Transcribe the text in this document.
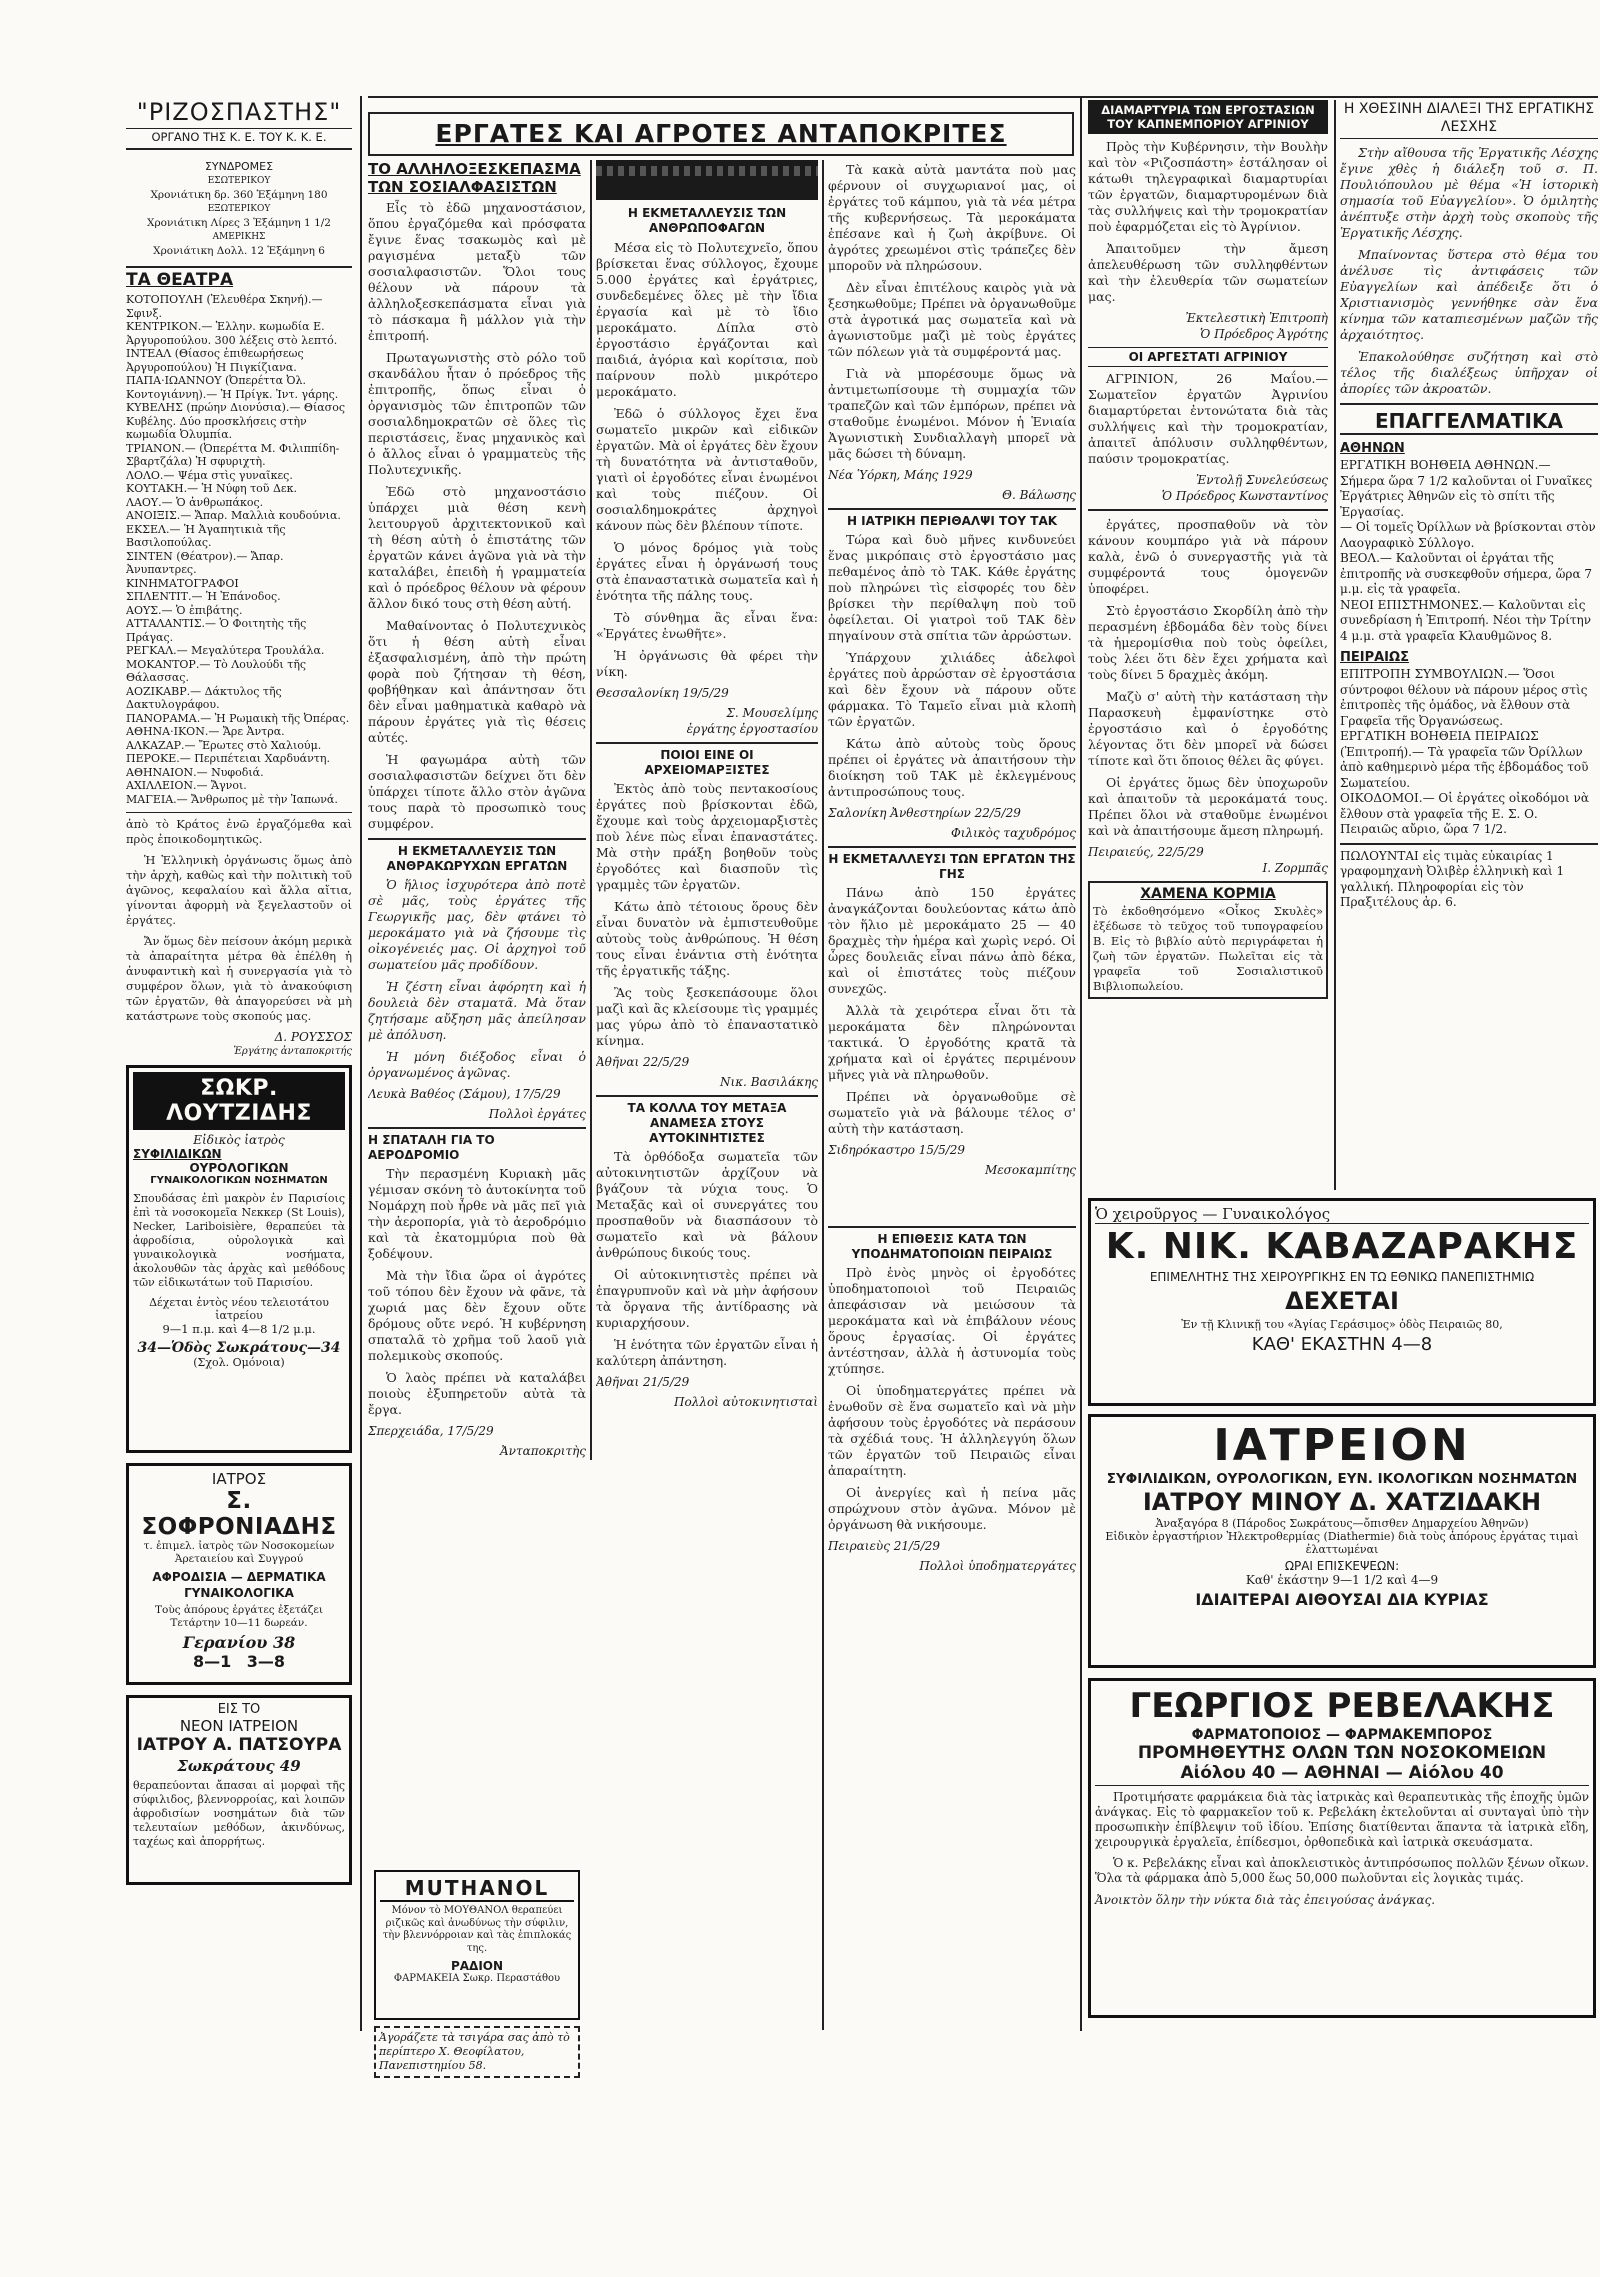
"ΡΙΖΟΣΠΑΣΤΗΣ"
ΟΡΓΑΝΟ ΤΗΣ Κ. Ε. ΤΟΥ Κ. Κ. Ε.
ΣΥΝΔΡΟΜΕΣ
ΕΣΩΤΕΡΙΚΟΥ
Χρονιάτικη δρ. 360 Ἑξάμηνη 180
ΕΞΩΤΕΡΙΚΟΥ
Χρονιάτικη Λίρες 3 Ἑξάμηνη 1 1/2
ΑΜΕΡΙΚΗΣ
Χρονιάτικη Δολλ. 12 Ἑξάμηνη 6
ΤΑ ΘΕΑΤΡΑ

ΚΟΤΟΠΟΥΛΗ (Ἐλευθέρα Σκηνή).— Σφινξ.

ΚΕΝΤΡΙΚΟΝ.— Ἑλλην. κωμωδία Ε. Ἀργυροπούλου. 300 λέξεις στὸ λεπτό.

ΙΝΤΕΑΛ (Θίασος ἐπιθεωρήσεως Ἀργυροπούλου) Ἡ Πιγκίζιανα.

ΠΑΠΑ·ΙΩΑΝΝΟΥ (Ὀπερέττα Ὀλ. Κοντογιάννη).— Ἡ Πρίγκ. Ἰντ. γάρης.

ΚΥΒΕΛΗΣ (πρώην Διονύσια).— Θίασος Κυβέλης. Δύο προσκλήσεις στὴν κωμωδία Ὀλυμπία.

ΤΡΙΑΝΟΝ.— (Ὀπερέττα Μ. Φιλιππίδη-Σβαρτζάλα) Ἡ σφυριχτὴ.

ΛΟΛΟ.— Ψέμα στὶς γυναῖκες.

ΚΟΥΤΑΚΗ.— Ἡ Νύφη τοῦ Δεκ.

ΛΑΟΥ.— Ὁ ἀνθρωπάκος.

ΑΝΟΙΞΙΣ.— Ἄπαρ. Μαλλιὰ κουδούνια.

ΕΚΣΕΛ.— Ἡ Ἀγαπητικιὰ τῆς Βασιλοπούλας.

ΣΙΝΤΕΝ (Θέατρον).— Ἄπαρ. Ἀνυπαντρες.

ΚΙΝΗΜΑΤΟΓΡΑΦΟΙ

ΣΠΛΕΝΤΙΤ.— Ἡ Ἐπάνοδος.

ΑΟΥΣ.— Ὁ ἐπιβάτης.

ΑΤΤΑΛΑΝΤΙΣ.— Ὁ Φοιτητὴς τῆς Πράγας.

ΡΕΓΚΑΛ.— Μεγαλύτερα Τρουλάλα.

ΜΟΚΑΝΤΟΡ.— Τὸ Λουλούδι τῆς Θάλασσας.

ΑΟΖΙΚΑΒΡ.— Δάκτυλος τῆς Δακτυλογράφου.

ΠΑΝΟΡΑΜΑ.— Ἡ Ρωμαικὴ τῆς Ὀπέρας.

ΑΘΗΝΑ·ΙΚΟΝ.— Ἄρε Ἀντρα.

ΑΛΚΑΖΑΡ.— Ἔρωτες στὸ Χαλιούμ.

ΠΕΡΟΚΕ.— Περιπέτειαι Χαρδυάντη.

ΑΘΗΝΑΙΟΝ.— Νυφοδιά.

ΑΧΙΛΛΕΙΟΝ.— Ἄγνοι.

ΜΑΓΕΙΑ.— Ἄνθρωπος μὲ τὴν Ἰαπωνά.

ἀπὸ τὸ Κράτος ἐνῶ ἐργαζόμεθα καὶ πρὸς ἐποικοδομητικῶς.

Ἡ Ἑλληνικὴ ὀργάνωσις ὅμως ἀπὸ τὴν ἀρχὴ, καθὼς καὶ τὴν πολιτικὴ τοῦ ἀγῶνος, κεφαλαίου καὶ ἄλλα αἴτια, γίνονται ἀφορμὴ νὰ ξεγελαστοῦν οἱ ἐργάτες.

Ἄν ὅμως δὲν πείσουν ἀκόμη μερικὰ τὰ ἀπαραίτητα μέτρα θὰ ἐπέλθη ἡ ἀνυφαντικὴ καὶ ἡ συνεργασία γιὰ τὸ συμφέρον ὅλων, γιὰ τὸ ἀνακούφιση τῶν ἐργατῶν, θὰ ἀπαγορεύσει νὰ μὴ κατάστρωνε τοὺς σκοπούς μας.

Δ. ΡΟΥΣΣΟΣ
Ἐργάτης ἀνταποκριτής
ΣΩΚΡ. ΛΟΥΤΖΙΔΗΣ
Εἰδικὸς ἰατρὸς
ΣΥΦΙΛΙΔΙΚΩΝ
ΟΥΡΟΛΟΓΙΚΩΝ
ΓΥΝΑΙΚΟΛΟΓΙΚΩΝ ΝΟΣΗΜΑΤΩΝ

Σπουδάσας ἐπὶ μακρὸν ἐν Παρισίοις ἐπὶ τὰ νοσοκομεῖα Νεκκερ (St Louis), Necker, Lariboisière, θεραπεύει τὰ ἀφροδίσια, οὐρολογικὰ καὶ γυναικολογικὰ νοσήματα, ἀκολουθῶν τὰς ἀρχὰς καὶ μεθόδους τῶν εἰδικωτάτων τοῦ Παρισίου.

Δέχεται ἐντὸς νέου τελειοτάτου ἰατρείου
9—1 π.μ. καὶ 4—8 1/2 μ.μ.
34—Ὁδὸς Σωκράτους—34
(Σχολ. Ομόνοια)
ΙΑΤΡΟΣ
Σ. ΣΟΦΡΟΝΙΑΔΗΣ
τ. ἐπιμελ. ἰατρὸς τῶν Νοσοκομείων Ἀρεταιείου καὶ Συγγρού
ΑΦΡΟΔΙΣΙΑ — ΔΕΡΜΑΤΙΚΑ ΓΥΝΑΙΚΟΛΟΓΙΚΑ
Τοὺς ἀπόρους ἐργάτες ἐξετάζει Τετάρτην 10—11 δωρεάν.
Γερανίου 38
8—1 3—8
ΕΙΣ ΤΟ
ΝΕΟΝ ΙΑΤΡΕΙΟΝ
ΙΑΤΡΟΥ Α. ΠΑΤΣΟΥΡΑ
Σωκράτους 49

θεραπεύονται ἄπασαι αἱ μορφαὶ τῆς σύφιλιδος, βλεννορροίας, καὶ λοιπῶν ἀφροδισίων νοσημάτων διὰ τῶν τελευταίων μεθόδων, ἀκινδύνως, ταχέως καὶ ἀπορρήτως.

ΕΡΓΑΤΕΣ ΚΑΙ ΑΓΡΟΤΕΣ ΑΝΤΑΠΟΚΡΙΤΕΣ
ΤΟ ΑΛΛΗΛΟΞΕΣΚΕΠΑΣΜΑ ΤΩΝ ΣΟΣΙΑΛΦΑΣΙΣΤΩΝ

Εἶς τὸ ἐδῶ μηχανοστάσιον, ὅπου ἐργαζόμεθα καὶ πρόσφατα ἔγινε ἕνας τσακωμὸς καὶ μὲ ραγισμένα μεταξὺ τῶν σοσιαλφασιστῶν. Ὅλοι τους θέλουν νὰ πάρουν τὰ ἀλληλοξεσκεπάσματα εἶναι γιὰ τὸ πάσκαμα ἢ μάλλον γιὰ τὴν ἐπιτροπή.

Πρωταγωνιστὴς στὸ ρόλο τοῦ σκανδάλου ἦταν ὁ πρόεδρος τῆς ἐπιτροπῆς, ὅπως εἶναι ὁ ὀργανισμὸς τῶν ἐπιτροπῶν τῶν σοσιαλδημοκρατῶν σὲ ὅλες τὶς περιστάσεις, ἕνας μηχανικὸς καὶ ὁ ἄλλος εἶναι ὁ γραμματεὺς τῆς Πολυτεχνικῆς.

Ἐδῶ στὸ μηχανοστάσιο ὑπάρχει μιὰ θέση κενὴ λειτουργοῦ ἀρχιτεκτονικοῦ καὶ τὴ θέση αὐτὴ ὁ ἐπιστάτης τῶν ἐργατῶν κάνει ἀγῶνα γιὰ νὰ τὴν καταλάβει, ἐπειδὴ ἡ γραμματεία καὶ ὁ πρόεδρος θέλουν νὰ φέρουν ἄλλον δικό τους στὴ θέση αὐτή.

Μαθαίνοντας ὁ Πολυτεχνικὸς ὅτι ἡ θέση αὐτὴ εἶναι ἐξασφαλισμένη, ἀπὸ τὴν πρώτη φορὰ ποὺ ζήτησαν τὴ θέση, φοβήθηκαν καὶ ἀπάντησαν ὅτι δὲν εἶναι μαθηματικὰ καθαρὸ νὰ πάρουν ἐργάτες γιὰ τὶς θέσεις αὐτές.

Ἡ φαγωμάρα αὐτὴ τῶν σοσιαλφασιστῶν δείχνει ὅτι δὲν ὑπάρχει τίποτε ἄλλο στὸν ἀγῶνα τους παρὰ τὸ προσωπικὸ τους συμφέρον.

Η ΕΚΜΕΤΑΛΛΕΥΣΙΣ ΤΩΝ ΑΝΘΡΑΚΩΡΥΧΩΝ ΕΡΓΑΤΩΝ

Ὁ ἥλιος ἰσχυρότερα ἀπὸ ποτὲ σὲ μᾶς, τοὺς ἐργάτες τῆς Γεωργικῆς μας, δὲν φτάνει τὸ μεροκάματο γιὰ νὰ ζήσουμε τὶς οἰκογένειές μας. Οἱ ἀρχηγοὶ τοῦ σωματείου μᾶς προδίδουν.

Ἡ ζέστη εἶναι ἀφόρητη καὶ ἡ δουλειὰ δὲν σταματᾶ. Μὰ ὅταν ζητήσαμε αὔξηση μᾶς ἀπείλησαν μὲ ἀπόλυση.

Ἡ μόνη διέξοδος εἶναι ὁ ὀργανωμένος ἀγῶνας.

Λευκὰ Βαθέος (Σάμου), 17/5/29
Πολλοὶ ἐργάτες
Η ΣΠΑΤΑΛΗ ΓΙΑ ΤΟ ΑΕΡΟΔΡΟΜΙΟ

Τὴν περασμένη Κυριακὴ μᾶς γέμισαν σκόνη τὸ ἀυτοκίνητα τοῦ Νομάρχη ποὺ ἦρθε νὰ μᾶς πεῖ γιὰ τὴν ἀεροπορία, γιὰ τὸ ἀεροδρόμιο καὶ τὰ ἐκατομμύρια ποὺ θὰ ξοδέψουν.

Μὰ τὴν ἴδια ὥρα οἱ ἀγρότες τοῦ τόπου δὲν ἔχουν νὰ φᾶνε, τὰ χωριά μας δὲν ἔχουν οὔτε δρόμους οὔτε νερό. Ἡ κυβέρνηση σπαταλᾶ τὸ χρῆμα τοῦ λαοῦ γιὰ πολεμικοὺς σκοπούς.

Ὁ λαὸς πρέπει νὰ καταλάβει ποιοὺς ἐξυπηρετοῦν αὐτὰ τὰ ἔργα.

Σπερχειάδα, 17/5/29
Ἀνταποκριτὴς
Η ΕΚΜΕΤΑΛΛΕΥΣΙΣ ΤΩΝ ΑΝΘΡΩΠΟΦΑΓΩΝ

Μέσα εἰς τὸ Πολυτεχνεῖο, ὅπου βρίσκεται ἕνας σύλλογος, ἔχουμε 5.000 ἐργάτες καὶ ἐργάτριες, συνδεδεμένες ὅλες μὲ τὴν ἴδια ἐργασία καὶ μὲ τὸ ἴδιο μεροκάματο. Δίπλα στὸ ἐργοστάσιο ἐργάζονται καὶ παιδιά, ἀγόρια καὶ κορίτσια, ποὺ παίρνουν πολὺ μικρότερο μεροκάματο.

Ἐδῶ ὁ σύλλογος ἔχει ἕνα σωματεῖο μικρῶν καὶ εἰδικῶν ἐργατῶν. Μὰ οἱ ἐργάτες δὲν ἔχουν τὴ δυνατότητα νὰ ἀντισταθοῦν, γιατὶ οἱ ἐργοδότες εἶναι ἑνωμένοι καὶ τοὺς πιέζουν. Οἱ σοσιαλδημοκράτες ἀρχηγοὶ κάνουν πὼς δὲν βλέπουν τίποτε.

Ὁ μόνος δρόμος γιὰ τοὺς ἐργάτες εἶναι ἡ ὀργάνωσή τους στὰ ἐπαναστατικὰ σωματεῖα καὶ ἡ ἑνότητα τῆς πάλης τους.

Τὸ σύνθημα ἂς εἶναι ἕνα: «Ἐργάτες ἑνωθῆτε».

Ἡ ὀργάνωσις θὰ φέρει τὴν νίκη.

Θεσσαλονίκη 19/5/29
Σ. Μουσελίμης
ἐργάτης ἐργοστασίου
ΠΟΙΟΙ ΕΙΝΕ ΟΙ ΑΡΧΕΙΟΜΑΡΞΙΣΤΕΣ

Ἐκτὸς ἀπὸ τοὺς πεντακοσίους ἐργάτες ποὺ βρίσκονται ἐδῶ, ἔχουμε καὶ τοὺς ἀρχειομαρξιστὲς ποὺ λένε πὼς εἶναι ἐπαναστάτες. Μὰ στὴν πράξη βοηθοῦν τοὺς ἐργοδότες καὶ διασποῦν τὶς γραμμὲς τῶν ἐργατῶν.

Κάτω ἀπὸ τέτοιους ὅρους δὲν εἶναι δυνατὸν νὰ ἐμπιστευθοῦμε αὐτοὺς τοὺς ἀνθρώπους. Ἡ θέση τους εἶναι ἐνάντια στὴ ἑνότητα τῆς ἐργατικῆς τάξης.

Ἂς τοὺς ξεσκεπάσουμε ὅλοι μαζὶ καὶ ἂς κλείσουμε τὶς γραμμές μας γύρω ἀπὸ τὸ ἐπαναστατικὸ κίνημα.

Ἀθῆναι 22/5/29
Νικ. Βασιλάκης
ΤΑ ΚΟΛΛΑ ΤΟΥ ΜΕΤΑΞΑ ΑΝΑΜΕΣΑ ΣΤΟΥΣ ΑΥΤΟΚΙΝΗΤΙΣΤΕΣ

Τὰ ὀρθόδοξα σωματεῖα τῶν αὐτοκινητιστῶν ἀρχίζουν νὰ βγάζουν τὰ νύχια τους. Ὁ Μεταξᾶς καὶ οἱ συνεργάτες του προσπαθοῦν νὰ διασπάσουν τὸ σωματεῖο καὶ νὰ βάλουν ἀνθρώπους δικούς τους.

Οἱ αὐτοκινητιστὲς πρέπει νὰ ἐπαγρυπνοῦν καὶ νὰ μὴν ἀφήσουν τὰ ὄργανα τῆς ἀντίδρασης νὰ κυριαρχήσουν.

Ἡ ἑνότητα τῶν ἐργατῶν εἶναι ἡ καλύτερη ἀπάντηση.

Ἀθῆναι 21/5/29
Πολλοὶ αὐτοκινητισταὶ
MUTHANOL
Μόνον τὸ ΜΟΥΘΑΝΟΛ θεραπεύει ριζικῶς καὶ ἀνωδύνως τὴν σύφιλιν, τὴν βλεννόρροιαν καὶ τὰς ἐπιπλοκάς της.
ΡΑΔΙΟΝ
ΦΑΡΜΑΚΕΙΑ Σωκρ. Περαστάθου
Ἀγοράζετε τὰ τσιγάρα σας ἀπὸ τὸ περίπτερο Χ. Θεοφίλατου, Πανεπιστημίου 58.

Τὰ κακὰ αὐτὰ μαντάτα ποὺ μας φέρνουν οἱ συγχωριανοί μας, οἱ ἐργάτες τοῦ κάμπου, γιὰ τὰ νέα μέτρα τῆς κυβερνήσεως. Τὰ μεροκάματα ἐπέσανε καὶ ἡ ζωὴ ἀκρίβυνε. Οἱ ἀγρότες χρεωμένοι στὶς τράπεζες δὲν μποροῦν νὰ πληρώσουν.

Δὲν εἶναι ἐπιτέλους καιρὸς γιὰ νὰ ξεσηκωθοῦμε; Πρέπει νὰ ὀργανωθοῦμε στὰ ἀγροτικά μας σωματεῖα καὶ νὰ ἀγωνιστοῦμε μαζὶ μὲ τοὺς ἐργάτες τῶν πόλεων γιὰ τὰ συμφέροντά μας.

Γιὰ νὰ μπορέσουμε ὅμως νὰ ἀντιμετωπίσουμε τὴ συμμαχία τῶν τραπεζῶν καὶ τῶν ἐμπόρων, πρέπει νὰ σταθοῦμε ἑνωμένοι. Μόνον ἡ Ἑνιαία Ἀγωνιστικὴ Συνδιαλλαγὴ μπορεῖ νὰ μᾶς δώσει τὴ δύναμη.

Νέα Ὑόρκη, Μάης 1929
Θ. Βάλωσης
Η ΙΑΤΡΙΚΗ ΠΕΡΙΘΑΛΨΙ ΤΟΥ ΤΑΚ

Τώρα καὶ δυὸ μῆνες κινδυνεύει ἕνας μικρόπαις στὸ ἐργοστάσιο μας πεθαμένος ἀπὸ τὸ ΤΑΚ. Κάθε ἐργάτης ποὺ πληρώνει τὶς εἰσφορές του δὲν βρίσκει τὴν περίθαλψη ποὺ τοῦ ὀφείλεται. Οἱ γιατροὶ τοῦ ΤΑΚ δὲν πηγαίνουν στὰ σπίτια τῶν ἀρρώστων.

Ὑπάρχουν χιλιάδες ἀδελφοὶ ἐργάτες ποὺ ἀρρώσταν σὲ ἐργοστάσια καὶ δὲν ἔχουν νὰ πάρουν οὔτε φάρμακα. Τὸ Ταμεῖο εἶναι μιὰ κλοπὴ τῶν ἐργατῶν.

Κάτω ἀπὸ αὐτοὺς τοὺς ὅρους πρέπει οἱ ἐργάτες νὰ ἀπαιτήσουν τὴν διοίκηση τοῦ ΤΑΚ μὲ ἐκλεγμένους ἀντιπροσώπους τους.

Σαλονίκη Ἀνθεστηρίων 22/5/29
Φιλικὸς ταχυδρόμος
Η ΕΚΜΕΤΑΛΛΕΥΣΙ ΤΩΝ ΕΡΓΑΤΩΝ ΤΗΣ ΓΗΣ

Πάνω ἀπὸ 150 ἐργάτες ἀναγκάζονται δουλεύοντας κάτω ἀπὸ τὸν ἥλιο μὲ μεροκάματο 25 — 40 δραχμὲς τὴν ἡμέρα καὶ χωρὶς νερό. Οἱ ὧρες δουλειᾶς εἶναι πάνω ἀπὸ δέκα, καὶ οἱ ἐπιστάτες τοὺς πιέζουν συνεχῶς.

Ἀλλὰ τὰ χειρότερα εἶναι ὅτι τὰ μεροκάματα δὲν πληρώνονται τακτικά. Ὁ ἐργοδότης κρατᾶ τὰ χρήματα καὶ οἱ ἐργάτες περιμένουν μῆνες γιὰ νὰ πληρωθοῦν.

Πρέπει νὰ ὀργανωθοῦμε σὲ σωματεῖο γιὰ νὰ βάλουμε τέλος σ' αὐτὴ τὴν κατάσταση.

Σιδηρόκαστρο 15/5/29
Μεσοκαμπίτης
Η ΕΠΙΘΕΣΙΣ ΚΑΤΑ ΤΩΝ ΥΠΟΔΗΜΑΤΟΠΟΙΩΝ ΠΕΙΡΑΙΩΣ

Πρὸ ἑνὸς μηνὸς οἱ ἐργοδότες ὑποδηματοποιοὶ τοῦ Πειραιῶς ἀπεφάσισαν νὰ μειώσουν τὰ μεροκάματα καὶ νὰ ἐπιβάλουν νέους ὅρους ἐργασίας. Οἱ ἐργάτες ἀντέστησαν, ἀλλὰ ἡ ἀστυνομία τοὺς χτύπησε.

Οἱ ὑποδηματεργάτες πρέπει νὰ ἑνωθοῦν σὲ ἕνα σωματεῖο καὶ νὰ μὴν ἀφήσουν τοὺς ἐργοδότες νὰ περάσουν τὰ σχέδιά τους. Ἡ ἀλληλεγγύη ὅλων τῶν ἐργατῶν τοῦ Πειραιῶς εἶναι ἀπαραίτητη.

Οἱ ἀνεργίες καὶ ἡ πείνα μᾶς σπρώχνουν στὸν ἀγῶνα. Μόνον μὲ ὀργάνωση θὰ νικήσουμε.

Πειραιεὺς 21/5/29
Πολλοὶ ὑποδηματεργάτες
ΔΙΑΜΑΡΤΥΡΙΑ ΤΩΝ ΕΡΓΟΣΤΑΣΙΩΝ ΤΟΥ ΚΑΠΝΕΜΠΟΡΙΟΥ ΑΓΡΙΝΙΟΥ

Πρὸς τὴν Κυβέρνησιν, τὴν Βουλὴν καὶ τὸν «Ριζοσπάστη» ἐστάλησαν οἱ κάτωθι τηλεγραφικαὶ διαμαρτυρίαι τῶν ἐργατῶν, διαμαρτυρομένων διὰ τὰς συλλήψεις καὶ τὴν τρομοκρατίαν ποὺ ἐφαρμόζεται εἰς τὸ Ἀγρίνιον.

Ἀπαιτοῦμεν τὴν ἄμεση ἀπελευθέρωση τῶν συλληφθέντων καὶ τὴν ἐλευθερία τῶν σωματείων μας.

Ἐκτελεστικὴ Ἐπιτροπὴ
Ὁ Πρόεδρος Ἀγρότης
ΟΙ ΑΡΓΕΣΤΑΤΙ ΑΓΡΙΝΙΟΥ

ΑΓΡΙΝΙΟΝ, 26 Μαΐου.— Σωματεῖον ἐργατῶν Ἀγρινίου διαμαρτύρεται ἐντονώτατα διὰ τὰς συλλήψεις καὶ τὴν τρομοκρατίαν, ἀπαιτεῖ ἀπόλυσιν συλληφθέντων, παύσιν τρομοκρατίας.

Ἐντολῇ Συνελεύσεως
Ὁ Πρόεδρος Κωνσταντίνος

ἐργάτες, προσπαθοῦν νὰ τὸν κάνουν κουμπάρο γιὰ νὰ πάρουν καλὰ, ἐνῶ ὁ συνεργαστῆς γιὰ τὰ συμφέροντά τους ὁμογενῶν ὑποφέρει.

Στὸ ἐργοστάσιο Σκορδίλη ἀπὸ τὴν περασμένη ἑβδομάδα δὲν τοὺς δίνει τὰ ἡμερομίσθια ποὺ τοὺς ὀφείλει, τοὺς λέει ὅτι δὲν ἔχει χρήματα καὶ τοὺς δίνει 5 δραχμὲς ἀκόμη.

Μαζὺ σ' αὐτὴ τὴν κατάσταση τὴν Παρασκευὴ ἐμφανίστηκε στὸ ἐργοστάσιο καὶ ὁ ἐργοδότης λέγοντας ὅτι δὲν μπορεῖ νὰ δώσει τίποτε καὶ ὅτι ὅποιος θέλει ἂς φύγει.

Οἱ ἐργάτες ὅμως δὲν ὑποχωροῦν καὶ ἀπαιτοῦν τὰ μεροκάματά τους. Πρέπει ὅλοι νὰ σταθοῦμε ἑνωμένοι καὶ νὰ ἀπαιτήσουμε ἄμεση πληρωμή.

Πειραιεύς, 22/5/29
Ι. Ζορμπᾶς
ΧΑΜΕΝΑ ΚΟΡΜΙΑ

Τὸ ἐκδοθησόμενο «Οἶκος Σκυλὲς» ἐξέδωσε τὸ τεῦχος τοῦ τυπογραφείου Β. Εἰς τὸ βιβλίο αὐτὸ περιγράφεται ἡ ζωὴ τῶν ἐργατῶν. Πωλεῖται εἰς τὰ γραφεῖα τοῦ Σοσιαλιστικοῦ Βιβλιοπωλείου.

Η ΧΘΕΣΙΝΗ ΔΙΑΛΕΞΙ ΤΗΣ ΕΡΓΑΤΙΚΗΣ ΛΕΣΧΗΣ

Στὴν αἴθουσα τῆς Ἐργατικῆς Λέσχης ἔγινε χθὲς ἡ διάλεξη τοῦ σ. Π. Πουλιόπουλου μὲ θέμα «Ἡ ἱστορικὴ σημασία τοῦ Εὐαγγελίου». Ὁ ὁμιλητὴς ἀνέπτυξε στὴν ἀρχὴ τοὺς σκοποὺς τῆς Ἐργατικῆς Λέσχης.

Μπαίνοντας ὕστερα στὸ θέμα του ἀνέλυσε τὶς ἀντιφάσεις τῶν Εὐαγγελίων καὶ ἀπέδειξε ὅτι ὁ Χριστιανισμὸς γεννήθηκε σὰν ἕνα κίνημα τῶν καταπιεσμένων μαζῶν τῆς ἀρχαιότητος.

Ἐπακολούθησε συζήτηση καὶ στὸ τέλος τῆς διαλέξεως ὑπῆρχαν οἱ ἀπορίες τῶν ἀκροατῶν.

ΕΠΑΓΓΕΛΜΑΤΙΚΑ
ΑΘΗΝΩΝ

ΕΡΓΑΤΙΚΗ ΒΟΗΘΕΙΑ ΑΘΗΝΩΝ.— Σήμερα ὥρα 7 1/2 καλοῦνται οἱ Γυναῖκες Ἐργάτριες Ἀθηνῶν εἰς τὸ σπίτι τῆς Ἐργασίας.

— Οἱ τομεῖς Ὀρίλλων νὰ βρίσκονται στὸν Λαογραφικὸ Σύλλογο.

ΒΕΟΛ.— Καλοῦνται οἱ ἐργάται τῆς ἐπιτροπῆς νὰ συσκεφθοῦν σήμερα, ὥρα 7 μ.μ. εἰς τὰ γραφεῖα.

ΝΕΟΙ ΕΠΙΣΤΗΜΟΝΕΣ.— Καλοῦνται εἰς συνεδρίαση ἡ Ἐπιτροπή. Νέοι τὴν Τρίτην 4 μ.μ. στὰ γραφεῖα Κλαυθμῶνος 8.

ΠΕΙΡΑΙΩΣ

ΕΠΙΤΡΟΠΗ ΣΥΜΒΟΥΛΙΩΝ.— Ὅσοι σύντροφοι θέλουν νὰ πάρουν μέρος στὶς ἐπιτροπὲς τῆς ὁμάδος, νὰ ἔλθουν στὰ Γραφεῖα τῆς Ὀργανώσεως.

ΕΡΓΑΤΙΚΗ ΒΟΗΘΕΙΑ ΠΕΙΡΑΙΩΣ (Ἐπιτροπή).— Τὰ γραφεῖα τῶν Ὀρίλλων ἀπὸ καθημερινὸ μέρα τῆς ἑβδομάδος τοῦ Σωματείου.

ΟΙΚΟΔΟΜΟΙ.— Οἱ ἐργάτες οἰκοδόμοι νὰ ἔλθουν στὰ γραφεῖα τῆς Ε. Σ. Ο. Πειραιῶς αὔριο, ὥρα 7 1/2.

ΠΩΛΟΥΝΤΑΙ εἰς τιμὰς εὐκαιρίας 1 γραφομηχανὴ Ὀλιβὲρ ἑλληνικὴ καὶ 1 γαλλική. Πληροφορίαι εἰς τὸν Πραξιτέλους ἀρ. 6.

Ὁ χειροῦργος — Γυναικολόγος
Κ. ΝΙΚ. ΚΑΒΑΖΑΡΑΚΗΣ
ΕΠΙΜΕΛΗΤΗΣ ΤΗΣ ΧΕΙΡΟΥΡΓΙΚΗΣ ΕΝ ΤΩ ΕΘΝΙΚΩ ΠΑΝΕΠΙΣΤΗΜΙΩ
ΔΕΧΕΤΑΙ
Ἐν τῇ Κλινικῇ του «Ἁγίας Γεράσιμος» ὁδὸς Πειραιῶς 80,
ΚΑΘ' ΕΚΑΣΤΗΝ 4—8
ΙΑΤΡΕΙΟΝ
ΣΥΦΙΛΙΔΙΚΩΝ, ΟΥΡΟΛΟΓΙΚΩΝ, ΕΥΝ. ΙΚΟΛΟΓΙΚΩΝ ΝΟΣΗΜΑΤΩΝ
ΙΑΤΡΟΥ ΜΙΝΟΥ Δ. ΧΑΤΖΙΔΑΚΗ
Ἀναξαγόρα 8 (Πάροδος Σωκράτους—ὄπισθεν Δημαρχείου Ἀθηνῶν)
Εἰδικὸν ἐργαστήριον Ἠλεκτροθερμίας (Diathermie) διὰ τοὺς ἀπόρους ἐργάτας τιμαὶ ἐλαττωμέναι
ΩΡΑΙ ΕΠΙΣΚΕΨΕΩΝ:
Καθ' ἑκάστην 9—1 1/2 καὶ 4—9
ΙΔΙΑΙΤΕΡΑΙ ΑΙΘΟΥΣΑΙ ΔΙΑ ΚΥΡΙΑΣ
ΓΕΩΡΓΙΟΣ ΡΕΒΕΛΑΚΗΣ
ΦΑΡΜΑΤΟΠΟΙΟΣ — ΦΑΡΜΑΚΕΜΠΟΡΟΣ
ΠΡΟΜΗΘΕΥΤΗΣ ΟΛΩΝ ΤΩΝ ΝΟΣΟΚΟΜΕΙΩΝ
Αἰόλου 40 — ΑΘΗΝΑΙ — Αἰόλου 40

Προτιμήσατε φαρμάκεια διὰ τὰς ἰατρικὰς καὶ θεραπευτικὰς τῆς ἐποχῆς ὑμῶν ἀνάγκας. Εἰς τὸ φαρμακεῖον τοῦ κ. Ρεβελάκη ἐκτελοῦνται αἱ συνταγαὶ ὑπὸ τὴν προσωπικὴν ἐπίβλεψιν τοῦ ἰδίου. Ἐπίσης διατίθενται ἅπαντα τὰ ἰατρικὰ εἴδη, χειρουργικὰ ἐργαλεῖα, ἐπίδεσμοι, ὀρθοπεδικὰ καὶ ἰατρικὰ σκευάσματα.

Ὁ κ. Ρεβελάκης εἶναι καὶ ἀποκλειστικὸς ἀντιπρόσωπος πολλῶν ξένων οἴκων. Ὅλα τὰ φάρμακα ἀπὸ 5,000 ἕως 50,000 πωλοῦνται εἰς λογικὰς τιμάς.

Ἀνοικτὸν ὅλην τὴν νύκτα διὰ τὰς ἐπειγούσας ἀνάγκας.
